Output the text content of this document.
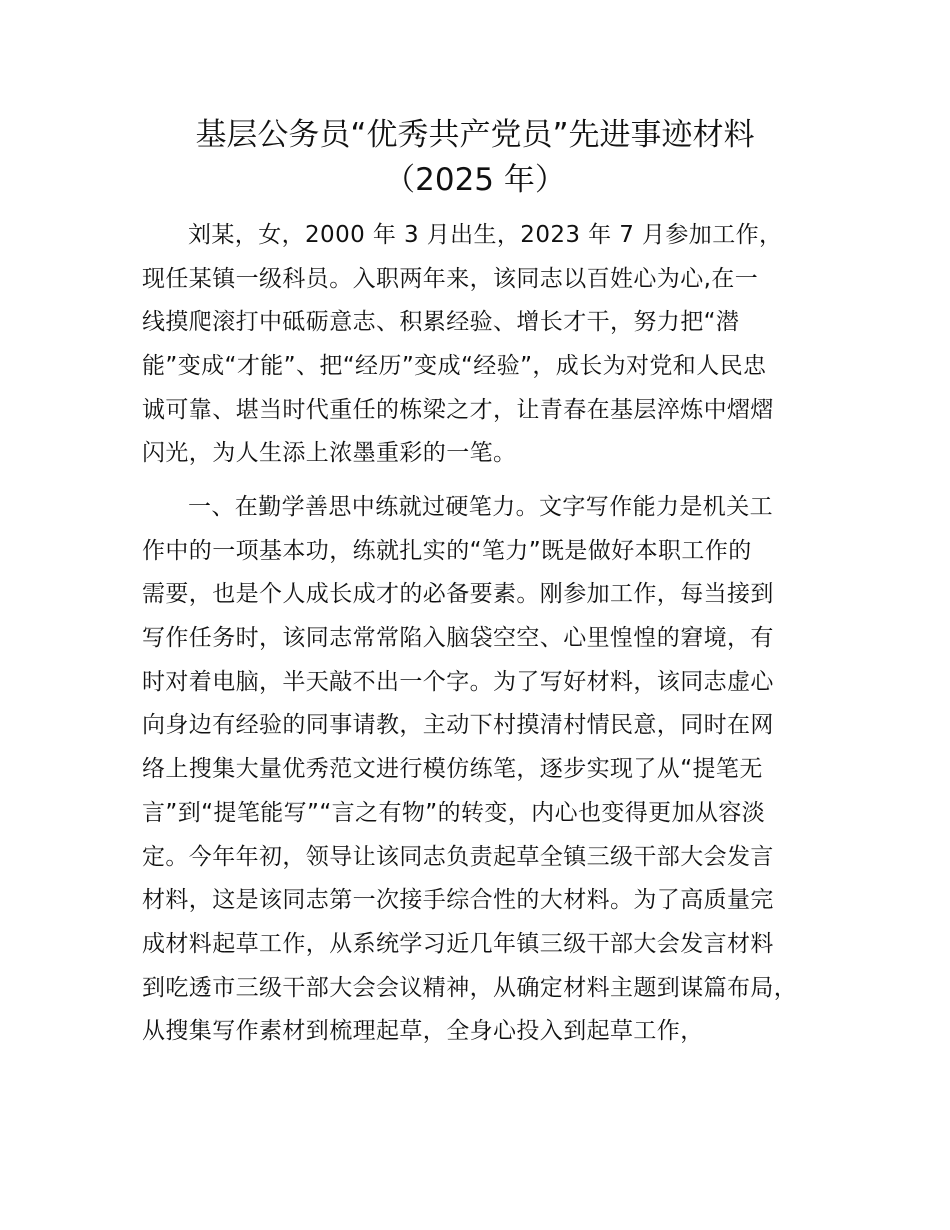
基层公务员“优秀共产党员”先进事迹材料
（2025 年）
刘某，女，2000 年 3 月出生，2023 年 7 月参加工作，
现任某镇一级科员。入职两年来，该同志以百姓心为心,在一
线摸爬滚打中砥砺意志、积累经验、增长才干，努力把“潜
能”变成“才能”、把“经历”变成“经验”，成长为对党和人民忠
诚可靠、堪当时代重任的栋梁之才，让青春在基层淬炼中熠熠
闪光，为人生添上浓墨重彩的一笔。
一、在勤学善思中练就过硬笔力。文字写作能力是机关工
作中的一项基本功，练就扎实的“笔力”既是做好本职工作的
需要，也是个人成长成才的必备要素。刚参加工作，每当接到
写作任务时，该同志常常陷入脑袋空空、心里惶惶的窘境，有
时对着电脑，半天敲不出一个字。为了写好材料，该同志虚心
向身边有经验的同事请教，主动下村摸清村情民意，同时在网
络上搜集大量优秀范文进行模仿练笔，逐步实现了从“提笔无
言”到“提笔能写”“言之有物”的转变，内心也变得更加从容淡
定。今年年初，领导让该同志负责起草全镇三级干部大会发言
材料，这是该同志第一次接手综合性的大材料。为了高质量完
成材料起草工作，从系统学习近几年镇三级干部大会发言材料
到吃透市三级干部大会会议精神，从确定材料主题到谋篇布局，
从搜集写作素材到梳理起草，全身心投入到起草工作，
